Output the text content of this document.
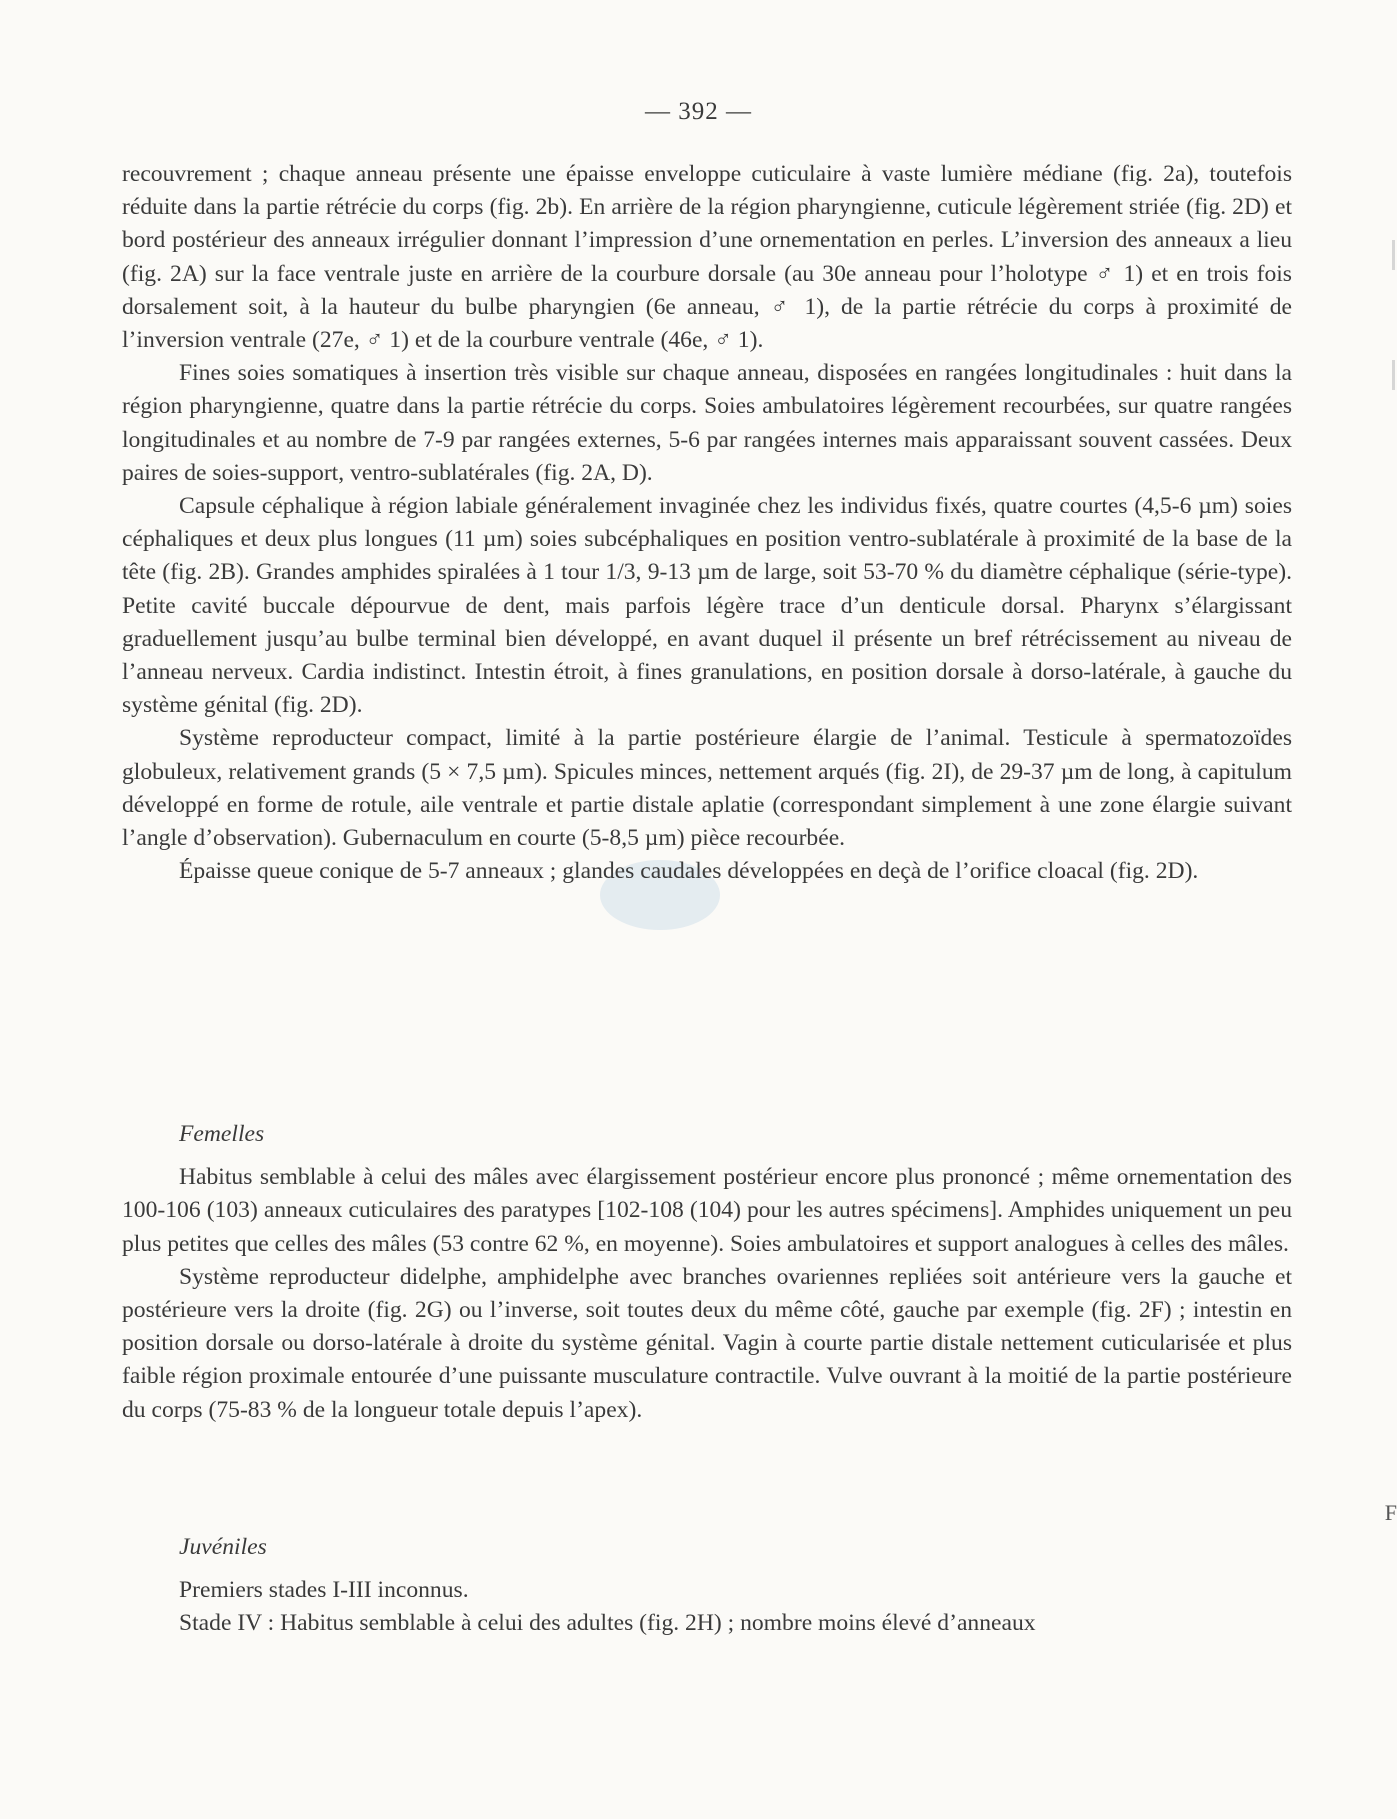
— 392 —

recouvrement ; chaque anneau présente une épaisse enveloppe cuticulaire à vaste lumière médiane (fig. 2a), toutefois réduite dans la partie rétrécie du corps (fig. 2b). En arrière de la région pharyngienne, cuticule légèrement striée (fig. 2D) et bord postérieur des anneaux irrégulier donnant l’impression d’une ornementation en perles. L’inversion des anneaux a lieu (fig. 2A) sur la face ventrale juste en arrière de la courbure dorsale (au 30e anneau pour l’holotype ♂ 1) et en trois fois dorsalement soit, à la hauteur du bulbe pharyngien (6e anneau, ♂ 1), de la partie rétrécie du corps à proximité de l’inversion ventrale (27e, ♂ 1) et de la courbure ventrale (46e, ♂ 1).

Fines soies somatiques à insertion très visible sur chaque anneau, disposées en rangées longitudinales : huit dans la région pharyngienne, quatre dans la partie rétrécie du corps. Soies ambulatoires légèrement recourbées, sur quatre rangées longitudinales et au nombre de 7-9 par rangées externes, 5-6 par rangées internes mais apparaissant souvent cassées. Deux paires de soies-support, ventro-sublatérales (fig. 2A, D).

Capsule céphalique à région labiale généralement invaginée chez les individus fixés, quatre courtes (4,5-6 µm) soies céphaliques et deux plus longues (11 µm) soies subcéphaliques en position ventro-sublatérale à proximité de la base de la tête (fig. 2B). Grandes amphides spiralées à 1 tour 1/3, 9-13 µm de large, soit 53-70 % du diamètre céphalique (série-type). Petite cavité buccale dépourvue de dent, mais parfois légère trace d’un denticule dorsal. Pharynx s’élargissant graduellement jusqu’au bulbe terminal bien développé, en avant duquel il présente un bref rétrécissement au niveau de l’anneau nerveux. Cardia indistinct. Intestin étroit, à fines granulations, en position dorsale à dorso-latérale, à gauche du système génital (fig. 2D).

Système reproducteur compact, limité à la partie postérieure élargie de l’animal. Testicule à spermatozoïdes globuleux, relativement grands (5 × 7,5 µm). Spicules minces, nettement arqués (fig. 2I), de 29-37 µm de long, à capitulum développé en forme de rotule, aile ventrale et partie distale aplatie (correspondant simplement à une zone élargie suivant l’angle d’observation). Gubernaculum en courte (5-8,5 µm) pièce recourbée.

Épaisse queue conique de 5-7 anneaux ; glandes caudales développées en deçà de l’orifice cloacal (fig. 2D).

Femelles

Habitus semblable à celui des mâles avec élargissement postérieur encore plus prononcé ; même ornementation des 100-106 (103) anneaux cuticulaires des paratypes [102-108 (104) pour les autres spécimens]. Amphides uniquement un peu plus petites que celles des mâles (53 contre 62 %, en moyenne). Soies ambulatoires et support analogues à celles des mâles.

Système reproducteur didelphe, amphidelphe avec branches ovariennes repliées soit antérieure vers la gauche et postérieure vers la droite (fig. 2G) ou l’inverse, soit toutes deux du même côté, gauche par exemple (fig. 2F) ; intestin en position dorsale ou dorso-latérale à droite du système génital. Vagin à courte partie distale nettement cuticularisée et plus faible région proximale entourée d’une puissante musculature contractile. Vulve ouvrant à la moitié de la partie postérieure du corps (75-83 % de la longueur totale depuis l’apex).

Juvéniles

Premiers stades I-III inconnus.

Stade IV : Habitus semblable à celui des adultes (fig. 2H) ; nombre moins élevé d’anneaux

F
